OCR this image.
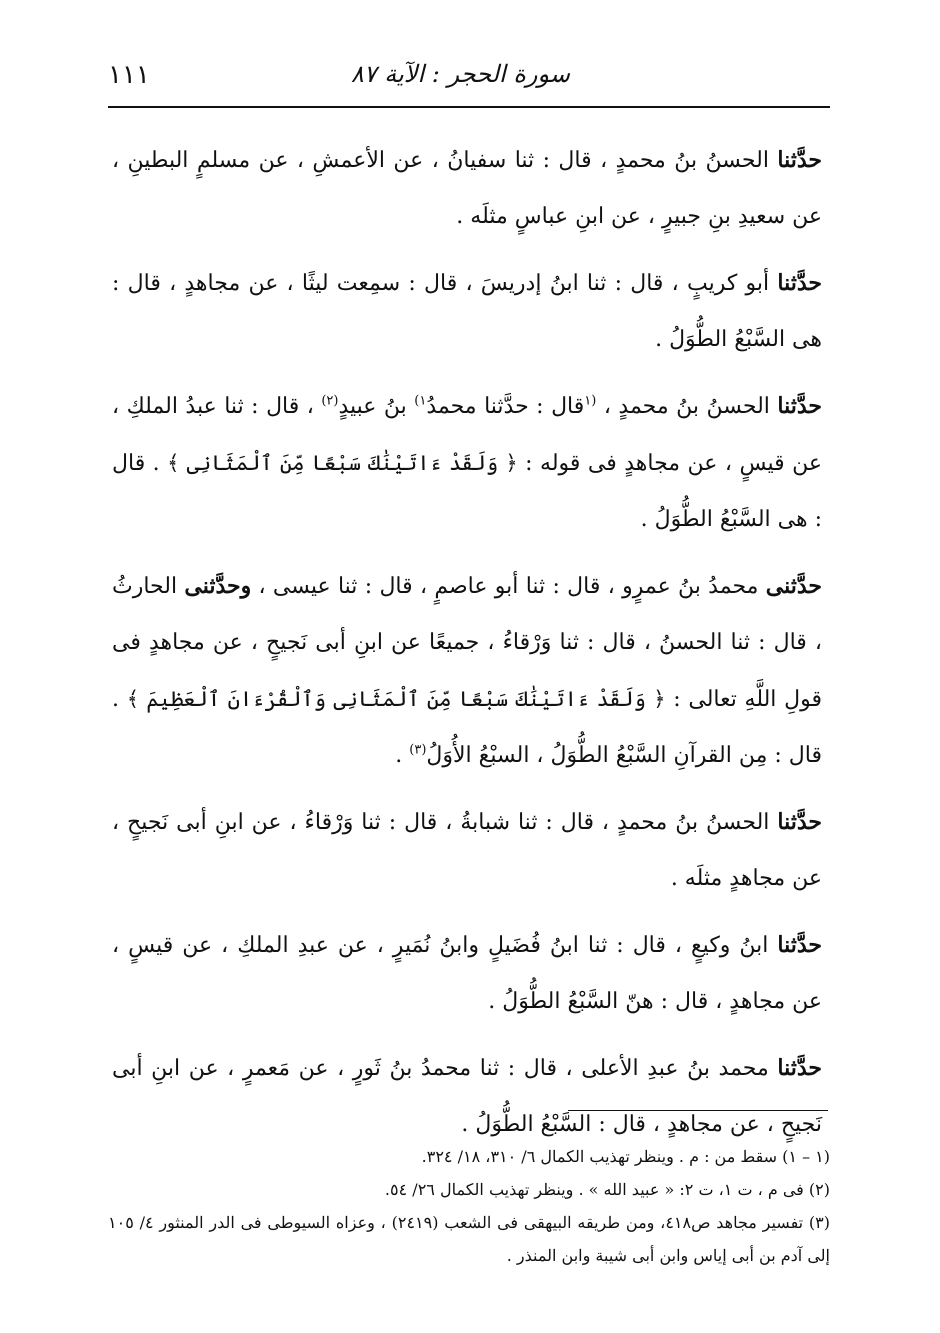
سورة الحجر : الآية ٨٧
١١١

حدَّثنا الحسنُ بنُ محمدٍ ، قال : ثنا سفيانُ ، عن الأعمشِ ، عن مسلمٍ البطينِ ، عن سعيدِ بنِ جبيرٍ ، عن ابنِ عباسٍ مثلَه .

حدَّثنا أبو كريبٍ ، قال : ثنا ابنُ إدريسَ ، قال : سمِعت ليثًا ، عن مجاهدٍ ، قال : هى السَّبْعُ الطُّوَلُ .

حدَّثنا الحسنُ بنُ محمدٍ ، $^{(١}$قال : حدَّثنا محمدُ$^{١)}$ بنُ عبيدٍ$^{(٢)}$ ، قال : ثنا عبدُ الملكِ ، عن قيسٍ ، عن مجاهدٍ فى قوله : ﴿ وَلَقَدْ ءَاتَيْنَٰكَ سَبْعًا مِّنَ ٱلْمَثَانِى ﴾ . قال : هى السَّبْعُ الطُّوَلُ .

حدَّثنى محمدُ بنُ عمرٍو ، قال : ثنا أبو عاصمٍ ، قال : ثنا عيسى ، وحدَّثنى الحارثُ ، قال : ثنا الحسنُ ، قال : ثنا وَرْقاءُ ، جميعًا عن ابنِ أبى نَجيحٍ ، عن مجاهدٍ فى قولِ اللَّهِ تعالى : ﴿ وَلَقَدْ ءَاتَيْنَٰكَ سَبْعًا مِّنَ ٱلْمَثَانِى وَٱلْقُرْءَانَ ٱلْعَظِيمَ ﴾ . قال : مِن القرآنِ السَّبْعُ الطُّوَلُ ، السبْعُ الأُوَلُ$^{(٣)}$ .

حدَّثنا الحسنُ بنُ محمدٍ ، قال : ثنا شبابةُ ، قال : ثنا وَرْقاءُ ، عن ابنِ أبى نَجيحٍ ، عن مجاهدٍ مثلَه .

حدَّثنا ابنُ وكيعٍ ، قال : ثنا ابنُ فُضَيلٍ وابنُ نُمَيرٍ ، عن عبدِ الملكِ ، عن قيسٍ ، عن مجاهدٍ ، قال : هنّ السَّبْعُ الطُّوَلُ .

حدَّثنا محمد بنُ عبدِ الأعلى ، قال : ثنا محمدُ بنُ ثَورٍ ، عن مَعمرٍ ، عن ابنِ أبى نَجيحٍ ، عن مجاهدٍ ، قال : السَّبْعُ الطُّوَلُ .

(١ – ١) سقط من : م . وينظر تهذيب الكمال ٦/ ٣١٠، ١٨/ ٣٢٤.

(٢) فى م ، ت ١، ت ٢: « عبيد الله » . وينظر تهذيب الكمال ٢٦/ ٥٤.

(٣) تفسير مجاهد ص٤١٨، ومن طريقه البيهقى فى الشعب (٢٤١٩) ، وعزاه السيوطى فى الدر المنثور ٤/ ١٠٥ إلى آدم بن أبى إياس وابن أبى شيبة وابن المنذر .
